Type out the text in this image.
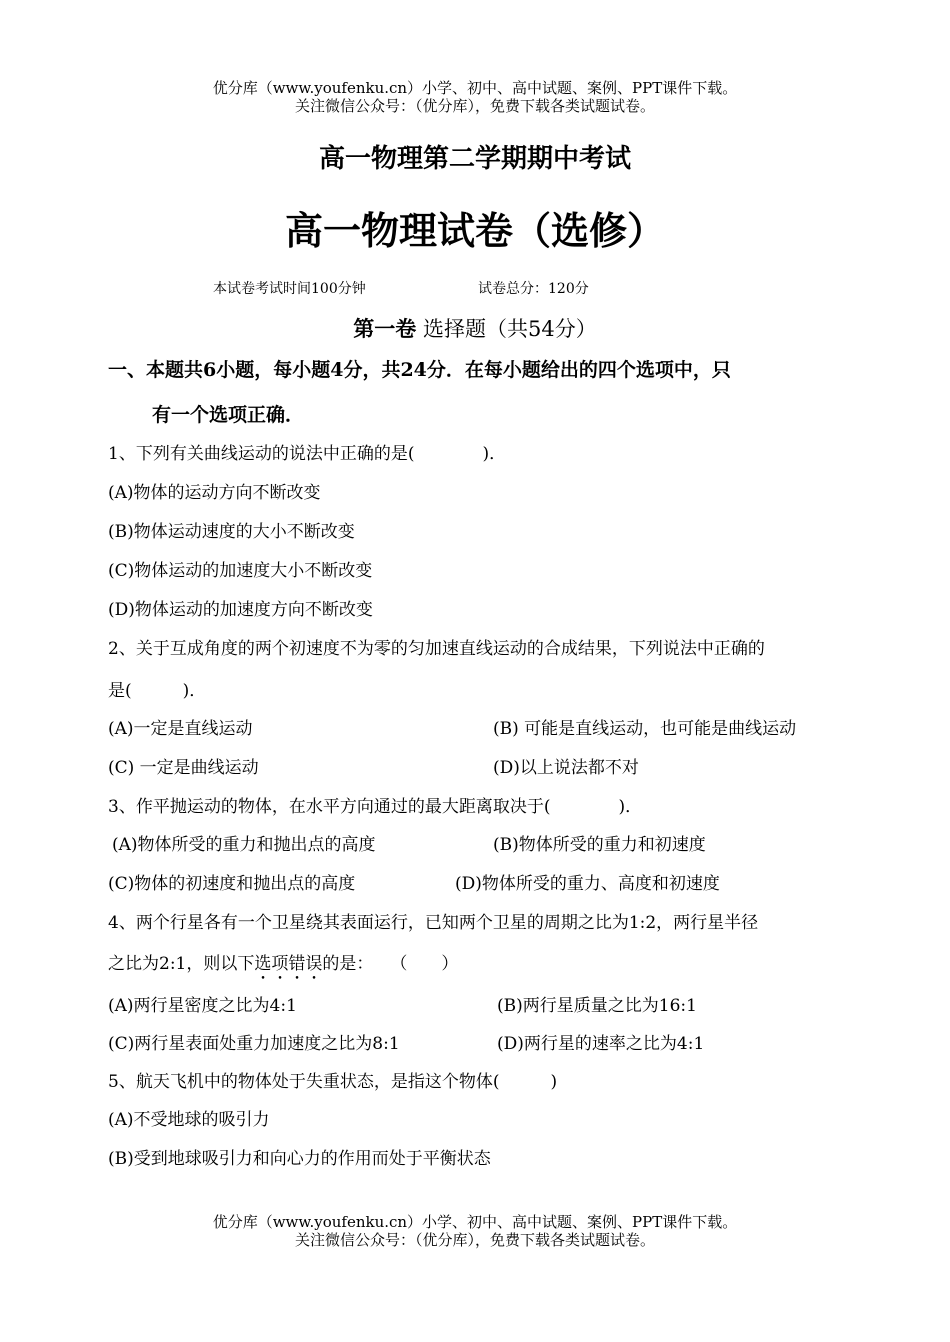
优分库（www.youfenku.cn）小学、初中、高中试题、案例、PPT课件下载。
关注微信公众号：（优分库），免费下载各类试题试卷。
高一物理第二学期期中考试
高一物理试卷（选修）
本试卷考试时间100分钟	试卷总分：120分
第一卷 选择题（共54分）
一、本题共6小题，每小题4分，共24分．在每小题给出的四个选项中，只
有一个选项正确．
1、下列有关曲线运动的说法中正确的是(　　　　)．
(A)物体的运动方向不断改变
(B)物体运动速度的大小不断改变
(C)物体运动的加速度大小不断改变
(D)物体运动的加速度方向不断改变
2、关于互成角度的两个初速度不为零的匀加速直线运动的合成结果，下列说法中正确的
是(　　　)．
(A)一定是直线运动	(B) 可能是直线运动，也可能是曲线运动
(C) 一定是曲线运动	(D)以上说法都不对
3、作平抛运动的物体，在水平方向通过的最大距离取决于(　　　　)．
(A)物体所受的重力和抛出点的高度	(B)物体所受的重力和初速度
(C)物体的初速度和抛出点的高度	(D)物体所受的重力、高度和初速度
4、两个行星各有一个卫星绕其表面运行，已知两个卫星的周期之比为1:2，两行星半径
之比为2:1，则以下选项错误的是：　　（　　）
(A)两行星密度之比为4:1	(B)两行星质量之比为16:1
(C)两行星表面处重力加速度之比为8:1	(D)两行星的速率之比为4:1
5、航天飞机中的物体处于失重状态，是指这个物体(　　　)
(A)不受地球的吸引力
(B)受到地球吸引力和向心力的作用而处于平衡状态
优分库（www.youfenku.cn）小学、初中、高中试题、案例、PPT课件下载。
关注微信公众号：（优分库），免费下载各类试题试卷。
